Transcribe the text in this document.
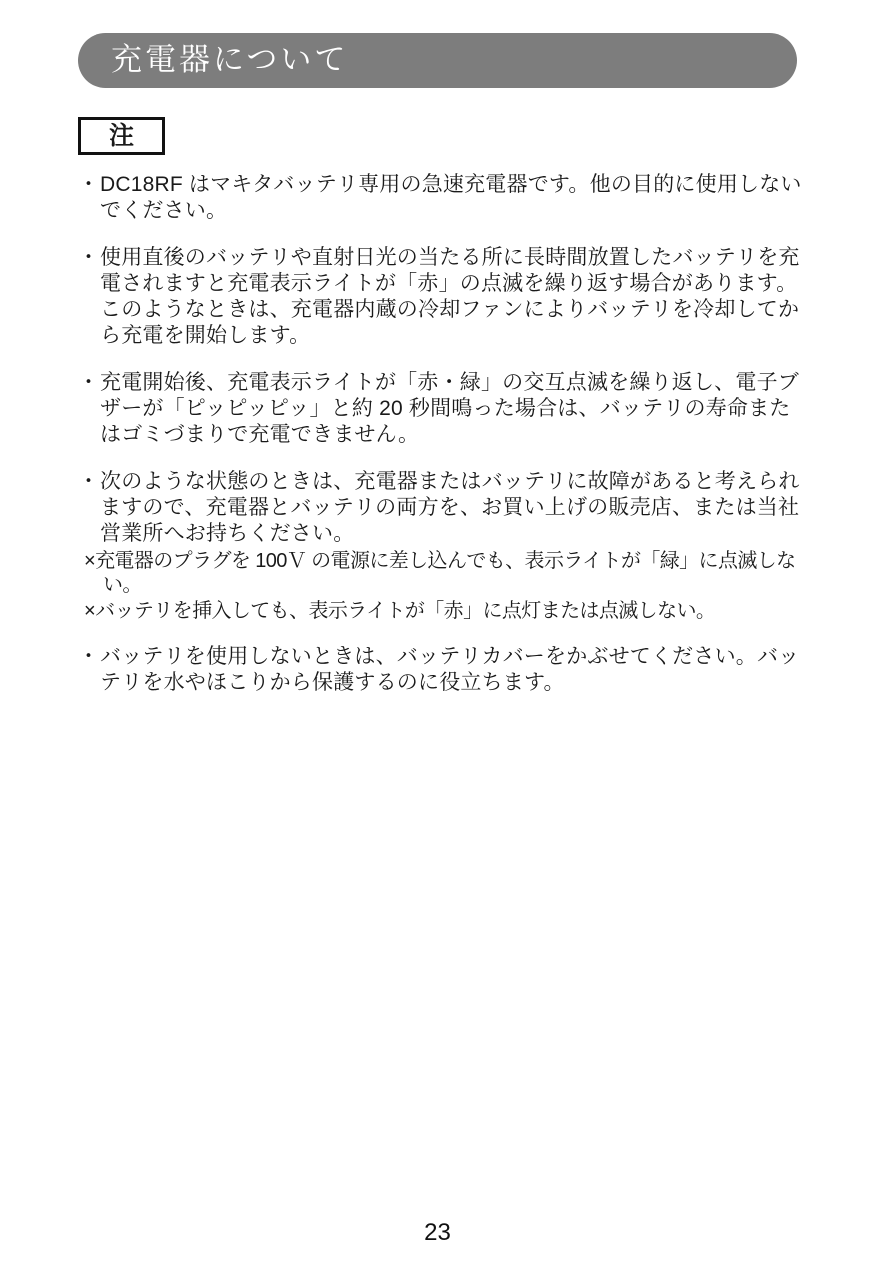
充電器について
注
・ DC18RF はマキタバッテリ専用の急速充電器です。他の目的に使用しないでください。
・ 使用直後のバッテリや直射日光の当たる所に長時間放置したバッテリを充電されますと充電表示ライトが「赤」の点滅を繰り返す場合があります。このようなときは、充電器内蔵の冷却ファンによりバッテリを冷却してから充電を開始します。
・ 充電開始後、充電表示ライトが「赤・緑」の交互点滅を繰り返し、電子ブザーが「ピッピッピッ」と約 20 秒間鳴った場合は、バッテリの寿命またはゴミづまりで充電できません。
・ 次のような状態のときは、充電器またはバッテリに故障があると考えられますので、充電器とバッテリの両方を、お買い上げの販売店、または当社営業所へお持ちください。
×充電器のプラグを 100Ｖ の電源に差し込んでも、表示ライトが「緑」に点滅しない。
×バッテリを挿入しても、表示ライトが「赤」に点灯または点滅しない。
・ バッテリを使用しないときは、バッテリカバーをかぶせてください。バッテリを水やほこりから保護するのに役立ちます。
23
